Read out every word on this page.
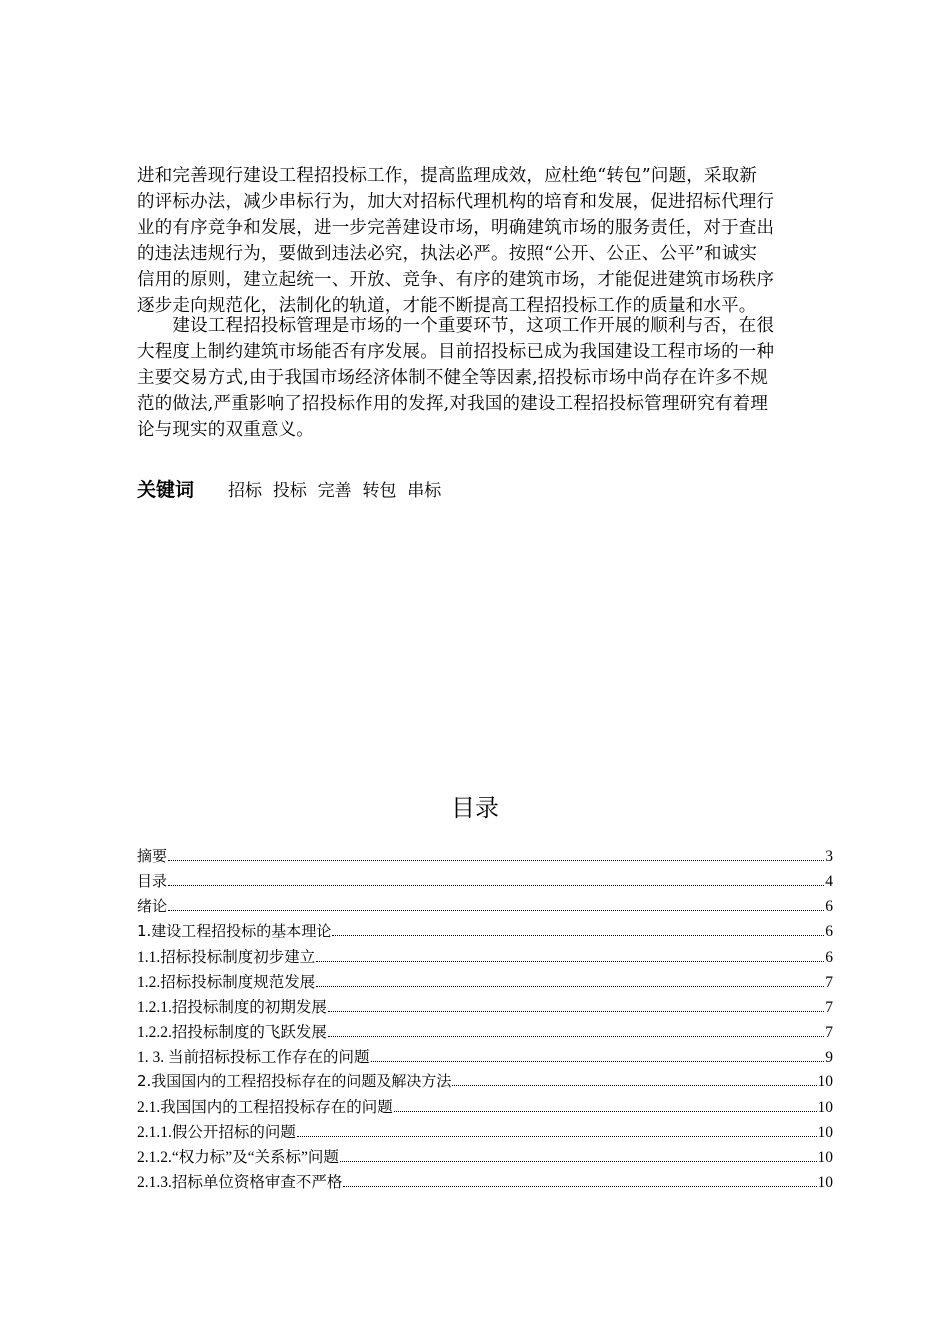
进和完善现行建设工程招投标工作，提高监理成效，应杜绝“转包”问题，采取新
的评标办法，减少串标行为，加大对招标代理机构的培育和发展，促进招标代理行
业的有序竞争和发展，进一步完善建设市场，明确建筑市场的服务责任，对于查出
的违法违规行为，要做到违法必究，执法必严。按照“公开、公正、公平”和诚实
信用的原则，建立起统一、开放、竞争、有序的建筑市场，才能促进建筑市场秩序
逐步走向规范化，法制化的轨道，才能不断提高工程招投标工作的质量和水平。

　　建设工程招投标管理是市场的一个重要环节，这项工作开展的顺利与否，在很
大程度上制约建筑市场能否有序发展。目前招投标已成为我国建设工程市场的一种
主要交易方式,由于我国市场经济体制不健全等因素,招投标市场中尚存在许多不规
范的做法,严重影响了招投标作用的发挥,对我国的建设工程招投标管理研究有着理
论与现实的双重意义。

关键词 招标  投标  完善  转包  串标
目录
摘要	3
目录	4
绪论	6
1.建设工程招投标的基本理论	6
1.1.招标投标制度初步建立	6
1.2.招标投标制度规范发展	7
1.2.1.招投标制度的初期发展	7
1.2.2.招投标制度的飞跃发展	7
1. 3. 当前招标投标工作存在的问题	9
2.我国国内的工程招投标存在的问题及解决方法	10
2.1.我国国内的工程招投标存在的问题	10
2.1.1.假公开招标的问题	10
2.1.2.“权力标”及“关系标”问题	10
2.1.3.招标单位资格审查不严格	10
